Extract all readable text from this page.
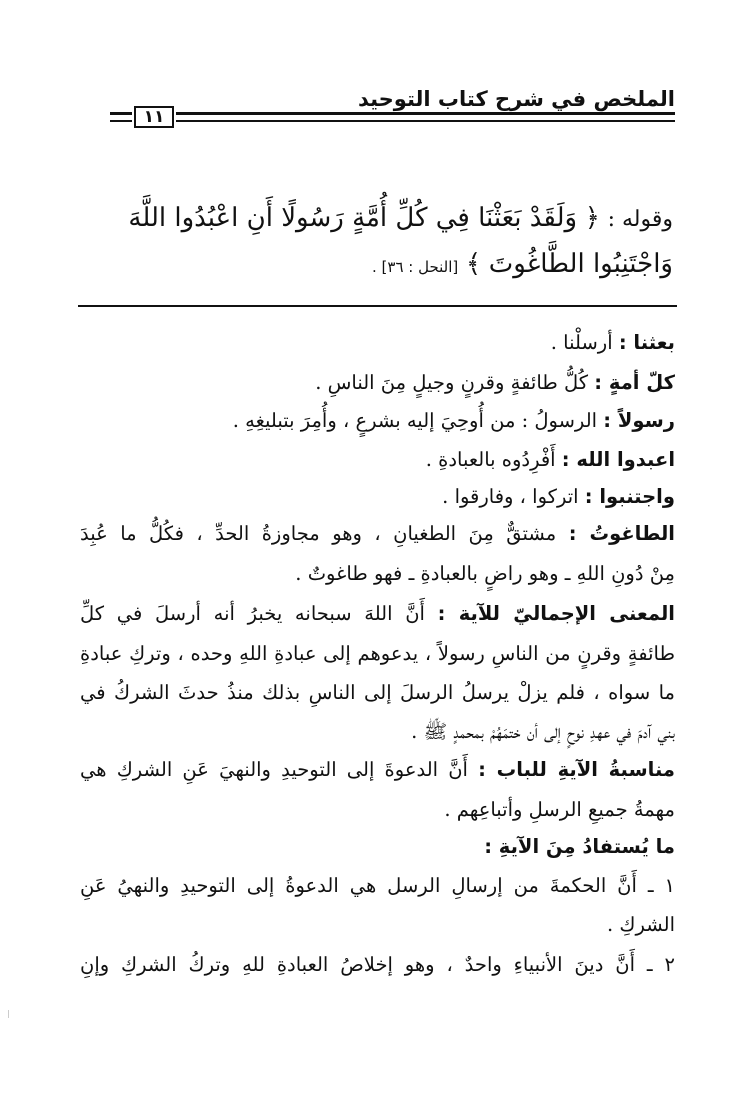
الملخص في شرح كتاب التوحيد
١١
وقوله : ﴿ وَلَقَدْ بَعَثْنَا فِي كُلِّ أُمَّةٍ رَسُولًا أَنِ اعْبُدُوا اللَّهَ
وَاجْتَنِبُوا الطَّاغُوتَ ﴾ [النحل : ٣٦] .
بعثنا : أرسلْنا .
كلّ أمةٍ : كُلُّ طائفةٍ وقرنٍ وجيلٍ مِنَ الناسِ .
رسولاً : الرسولُ : من أُوحِيَ إليه بشرعٍ ، وأُمِرَ بتبليغِهِ .
اعبدوا الله : أَفْرِدُوه بالعبادةِ .
واجتنبوا : اتركوا ، وفارقوا .
الطاغوتُ : مشتقٌّ مِنَ الطغيانِ ، وهو مجاوزةُ الحدِّ ، فكُلُّ ما عُبِدَ
مِنْ دُونِ اللهِ ـ وهو راضٍ بالعبادةِ ـ فهو طاغوتٌ .
المعنى الإجماليّ للآية : أَنَّ اللهَ سبحانه يخبرُ أنه أرسلَ في كلِّ
طائفةٍ وقرنٍ من الناسِ رسولاً ، يدعوهم إلى عبادةِ اللهِ وحده ، وتركِ عبادةِ
ما سواه ، فلم يزلْ يرسلُ الرسلَ إلى الناسِ بذلك منذُ حدثَ الشركُ في
بني آدمَ في عهدِ نوحٍ إلى أن ختمَهُمْ بمحمدٍ ﷺ .
مناسبةُ الآيةِ للباب : أَنَّ الدعوةَ إلى التوحيدِ والنهيَ عَنِ الشركِ هي
مهمةُ جميعِ الرسلِ وأتباعِهم .
ما يُستفادُ مِنَ الآيةِ :
١ ـ أَنَّ الحكمةَ من إرسالِ الرسل هي الدعوةُ إلى التوحيدِ والنهيُ عَنِ
الشركِ .
٢ ـ أَنَّ دينَ الأنبياءِ واحدٌ ، وهو إخلاصُ العبادةِ للهِ وتركُ الشركِ وإنِ
